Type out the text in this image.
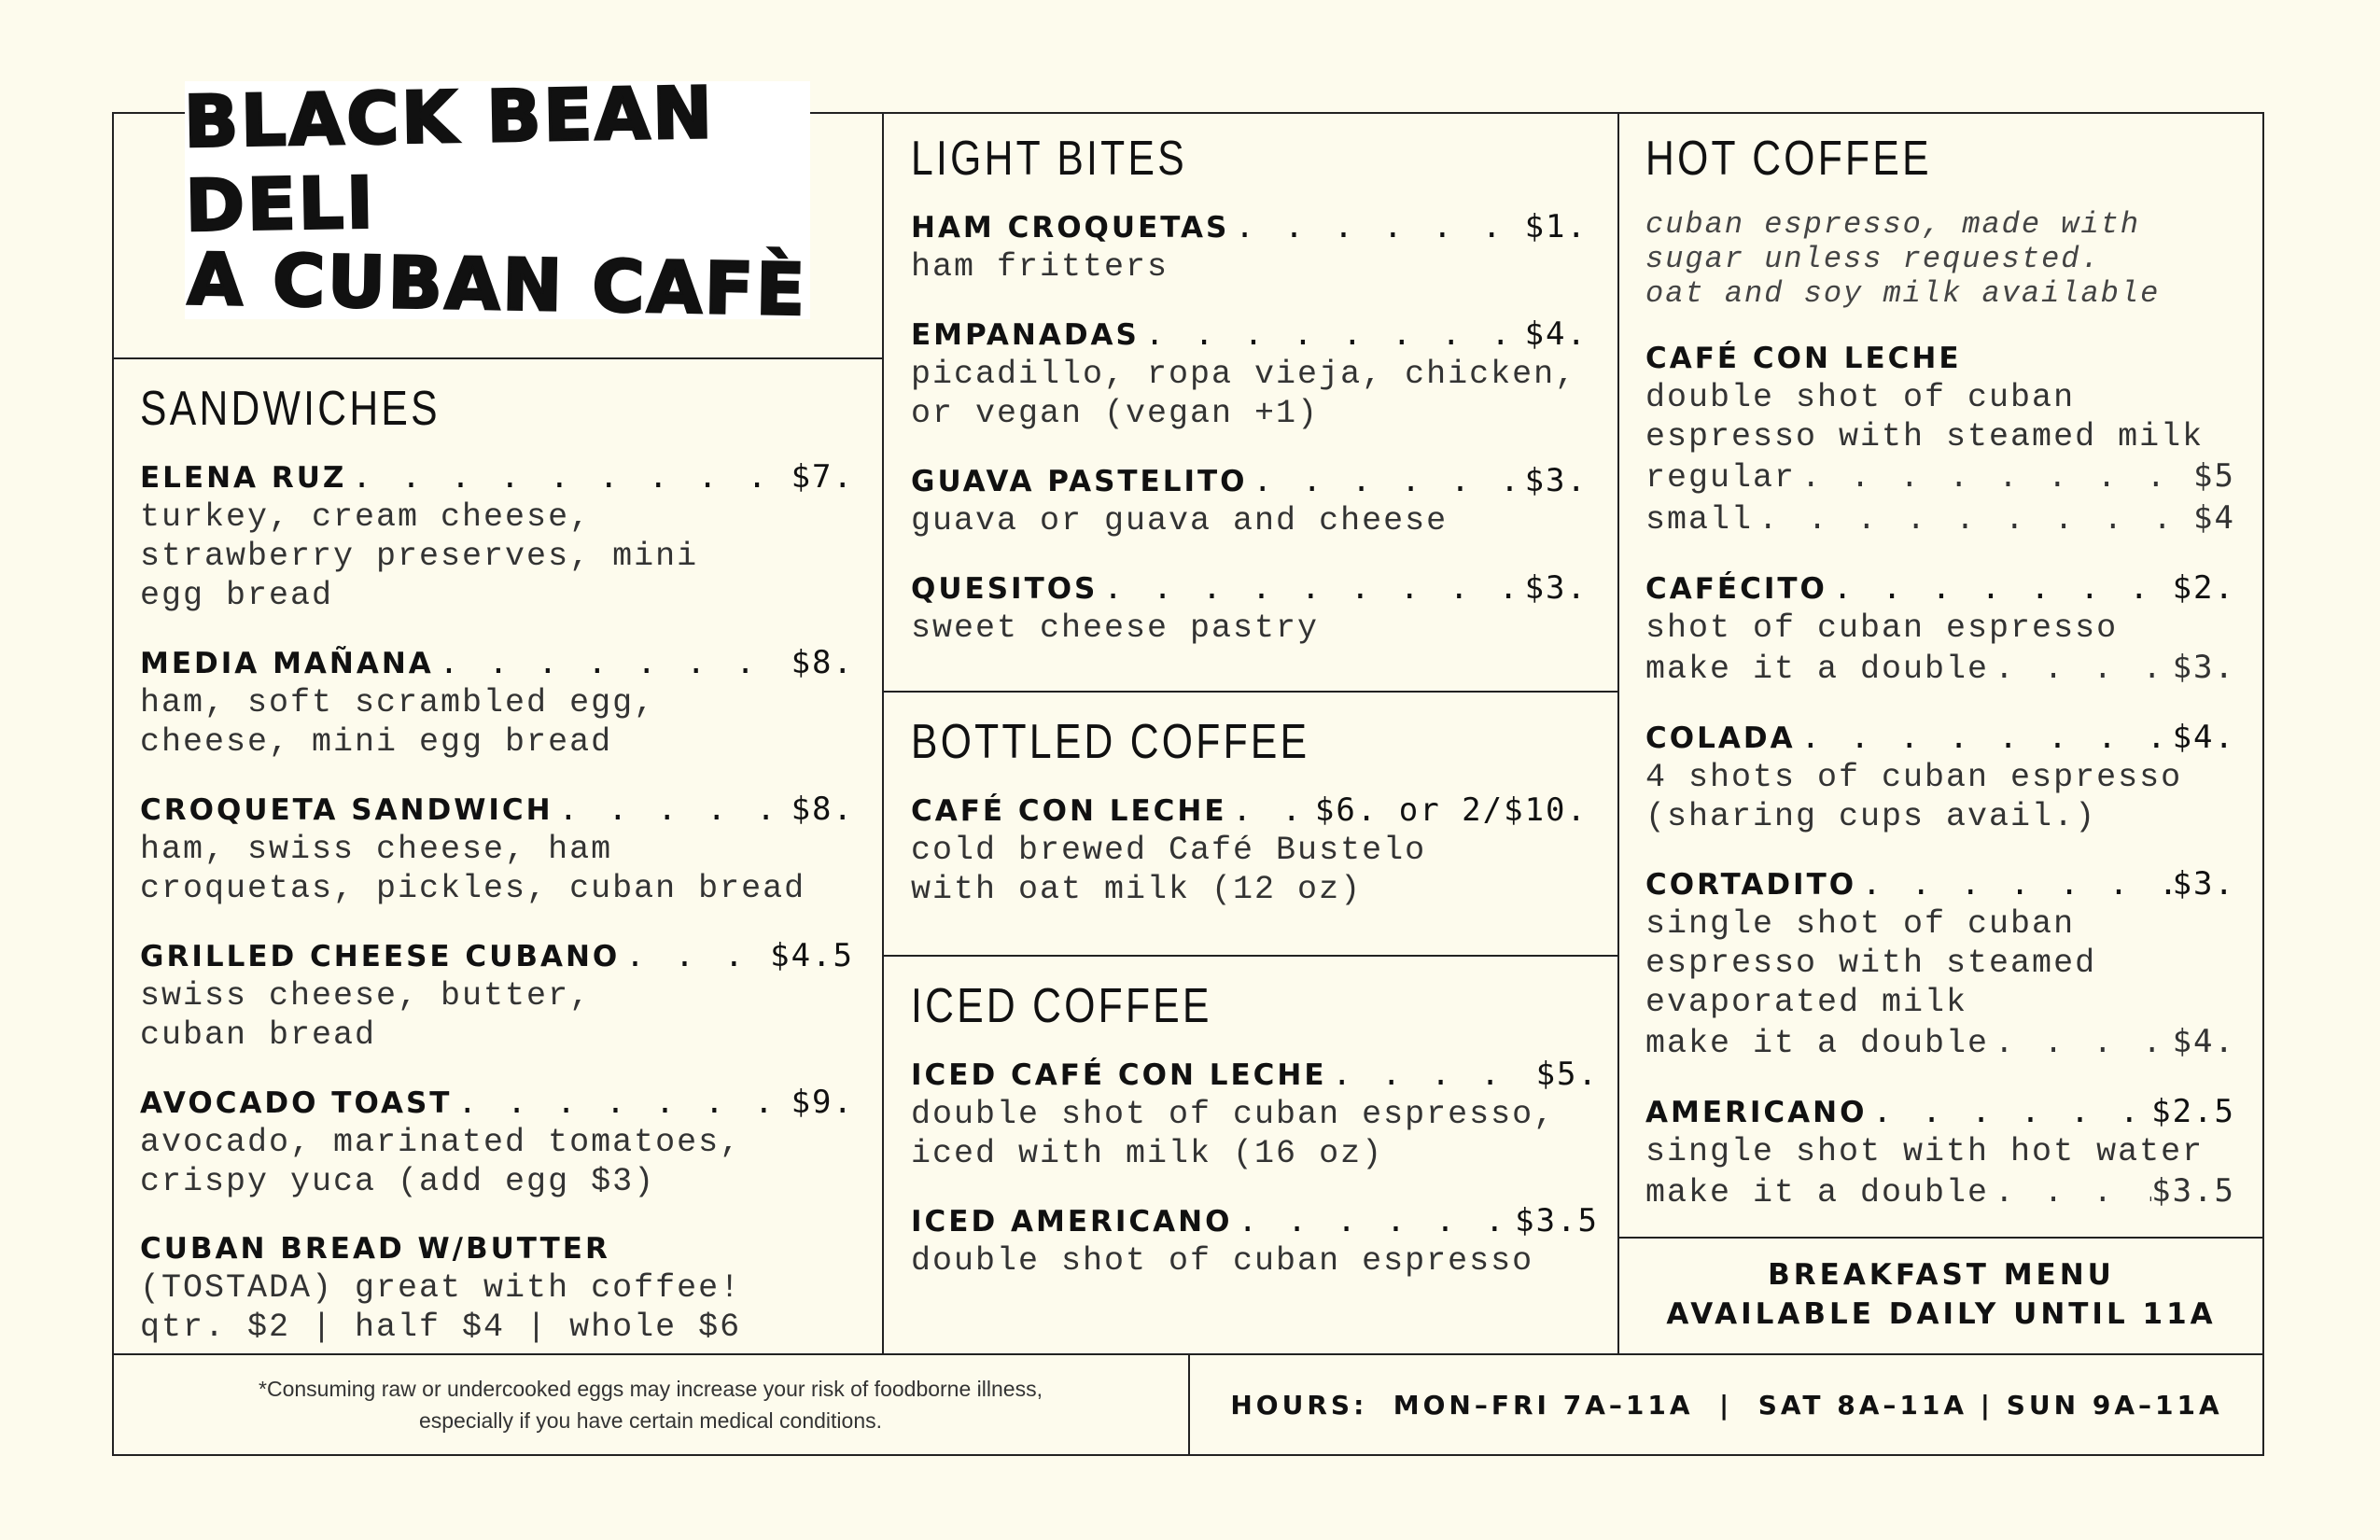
BLACK BEAN DELI
A CUBAN CAFÈ
SANDWICHES
ELENA RUZ . . .	$7.
turkey, cream cheese,
strawberry preserves, mini
egg bread
MEDIA MAÑANA . . .	$8.
ham, soft scrambled egg,
cheese, mini egg bread
CROQUETA SANDWICH . . .	$8.
ham, swiss cheese, ham
croquetas, pickles, cuban bread
GRILLED CHEESE CUBANO . . .	$4.5
swiss cheese, butter,
cuban bread
AVOCADO TOAST . . .	$9.
avocado, marinated tomatoes,
crispy yuca (add egg $3)
CUBAN BREAD W/BUTTER
(TOSTADA) great with coffee!
qtr. $2 | half $4 | whole $6
LIGHT BITES
HAM CROQUETAS . . .	$1.
ham fritters
EMPANADAS . . .	$4.
picadillo, ropa vieja, chicken,
or vegan (vegan +1)
GUAVA PASTELITO . . .	$3.
guava or guava and cheese
QUESITOS . . .	$3.
sweet cheese pastry
BOTTLED COFFEE
CAFÉ CON LECHE . . .	$6. or 2/$10.
cold brewed Café Bustelo
with oat milk (12 oz)
ICED COFFEE
ICED CAFÉ CON LECHE . . .	$5.
double shot of cuban espresso,
iced with milk (16 oz)
ICED AMERICANO . . .	$3.5
double shot of cuban espresso
HOT COFFEE
cuban espresso, made with
sugar unless requested.
oat and soy milk available
CAFÉ CON LECHE
double shot of cuban
espresso with steamed milk
regular . . .	$5
small . . .	$4
CAFÉCITO . . .	$2.
shot of cuban espresso
make it a double . . .	$3.
COLADA . . .	$4.
4 shots of cuban espresso
(sharing cups avail.)
CORTADITO . . .	$3.
single shot of cuban
espresso with steamed
evaporated milk
make it a double . . .	$4.
AMERICANO . . .	$2.5
single shot with hot water
make it a double . . .	$3.5
BREAKFAST MENU
AVAILABLE DAILY UNTIL 11A
*Consuming raw or undercooked eggs may increase your risk of foodborne illness,
especially if you have certain medical conditions.
HOURS:  MON–FRI 7A–11A  |  SAT 8A–11A | SUN 9A–11A
